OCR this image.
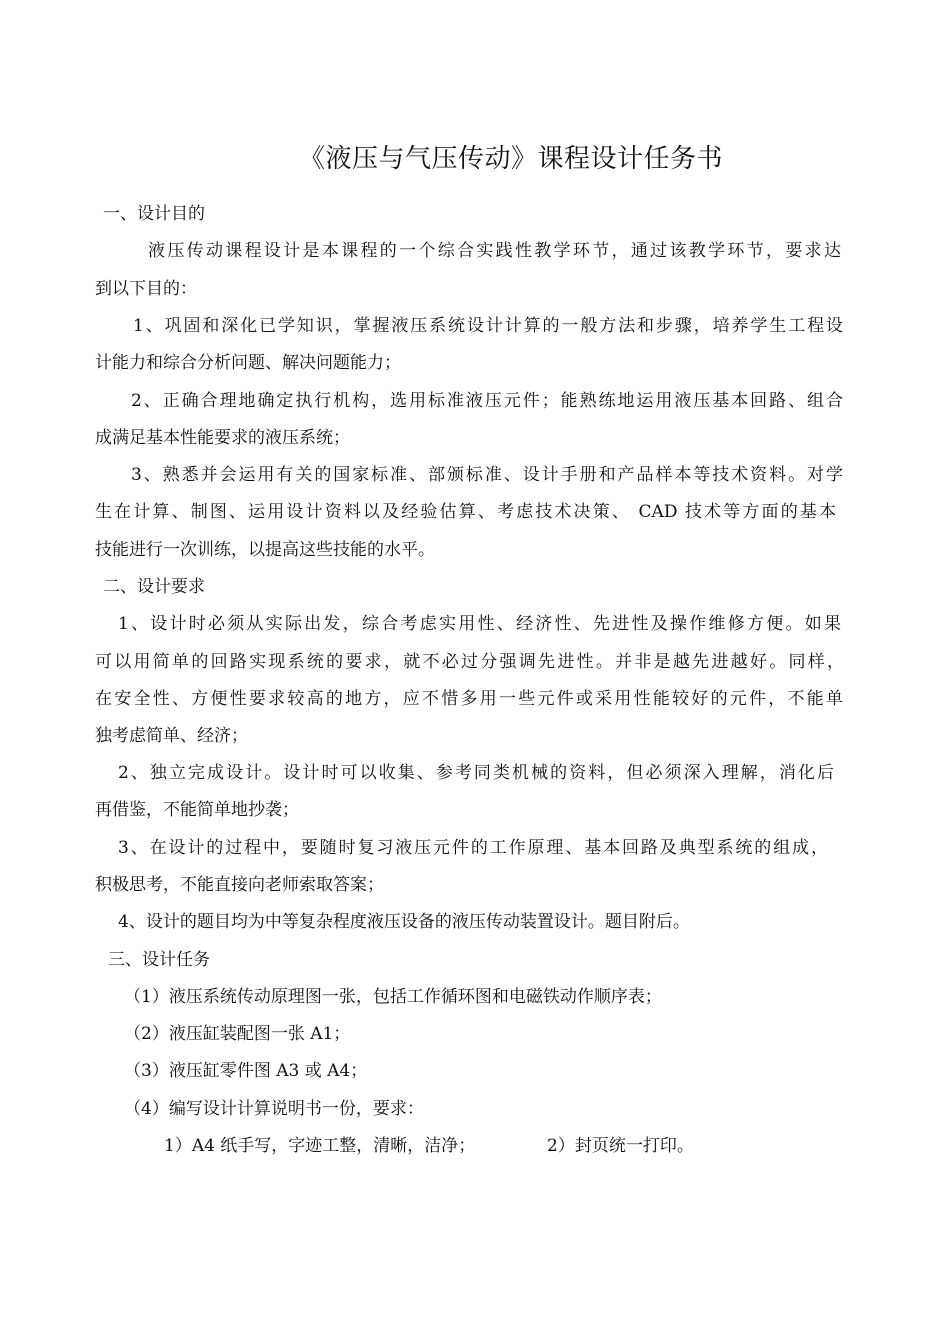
《液压与气压传动》课程设计任务书
一、设计目的
液压传动课程设计是本课程的一个综合实践性教学环节，通过该教学环节，要求达
到以下目的：
1、巩固和深化已学知识，掌握液压系统设计计算的一般方法和步骤，培养学生工程设
计能力和综合分析问题、解决问题能力；
2、正确合理地确定执行机构，选用标准液压元件；能熟练地运用液压基本回路、组合
成满足基本性能要求的液压系统；
3、熟悉并会运用有关的国家标准、部颁标准、设计手册和产品样本等技术资料。对学
生在计算、制图、运用设计资料以及经验估算、考虑技术决策、 CAD 技术等方面的基本
技能进行一次训练，以提高这些技能的水平。
二、设计要求
1、设计时必须从实际出发，综合考虑实用性、经济性、先进性及操作维修方便。如果
可以用简单的回路实现系统的要求，就不必过分强调先进性。并非是越先进越好。同样，
在安全性、方便性要求较高的地方，应不惜多用一些元件或采用性能较好的元件，不能单
独考虑简单、经济；
2、独立完成设计。设计时可以收集、参考同类机械的资料，但必须深入理解，消化后
再借鉴，不能简单地抄袭；
3、在设计的过程中，要随时复习液压元件的工作原理、基本回路及典型系统的组成，
积极思考，不能直接向老师索取答案；
4、设计的题目均为中等复杂程度液压设备的液压传动装置设计。题目附后。
三、设计任务
（1）液压系统传动原理图一张，包括工作循环图和电磁铁动作顺序表；
（2）液压缸装配图一张 A1；
（3）液压缸零件图 A3 或 A4；
（4）编写设计计算说明书一份，要求：
1）A4 纸手写，字迹工整，清晰，洁净；	2）封页统一打印。
